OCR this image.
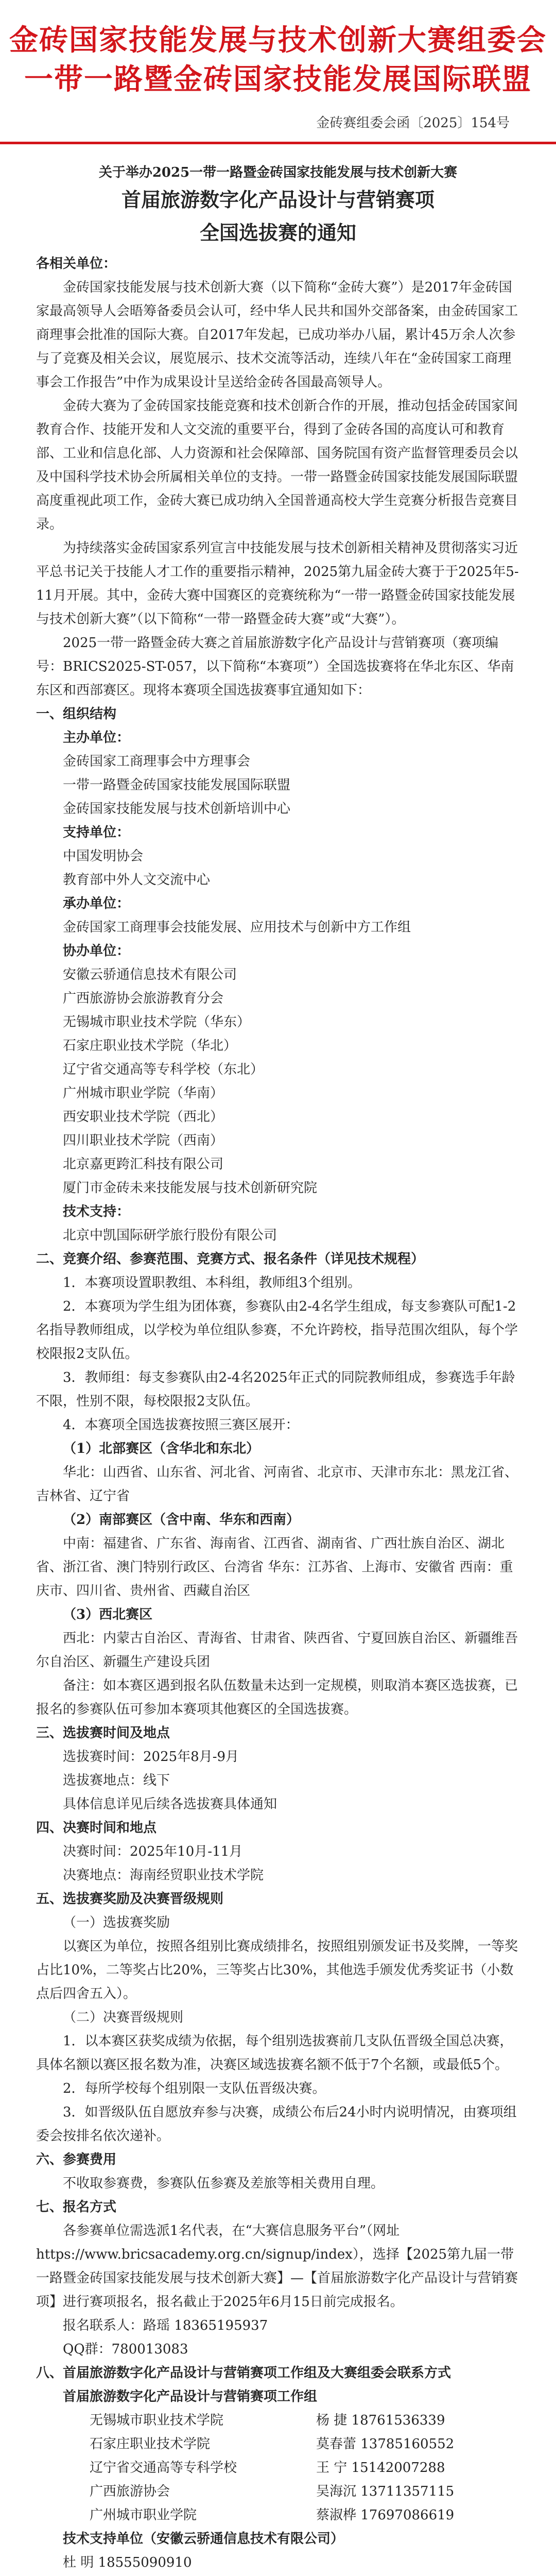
金砖国家技能发展与技术创新大赛组委会
一带一路暨金砖国家技能发展国际联盟
金砖赛组委会函〔2025〕154号
关于举办2025一带一路暨金砖国家技能发展与技术创新大赛
首届旅游数字化产品设计与营销赛项
全国选拔赛的通知

各相关单位：

金砖国家技能发展与技术创新大赛（以下简称“金砖大赛”）是2017年金砖国家最高领导人会晤筹备委员会认可，经中华人民共和国外交部备案，由金砖国家工商理事会批准的国际大赛。自2017年发起，已成功举办八届，累计45万余人次参与了竞赛及相关会议，展览展示、技术交流等活动，连续八年在“金砖国家工商理事会工作报告”中作为成果设计呈送给金砖各国最高领导人。

金砖大赛为了金砖国家技能竞赛和技术创新合作的开展，推动包括金砖国家间教育合作、技能开发和人文交流的重要平台，得到了金砖各国的高度认可和教育部、工业和信息化部、人力资源和社会保障部、国务院国有资产监督管理委员会以及中国科学技术协会所属相关单位的支持。一带一路暨金砖国家技能发展国际联盟高度重视此项工作，金砖大赛已成功纳入全国普通高校大学生竞赛分析报告竞赛目录。

为持续落实金砖国家系列宣言中技能发展与技术创新相关精神及贯彻落实习近平总书记关于技能人才工作的重要指示精神，2025第九届金砖大赛于于2025年5-11月开展。其中，金砖大赛中国赛区的竞赛统称为“一带一路暨金砖国家技能发展与技术创新大赛”（以下简称“一带一路暨金砖大赛”或“大赛”）。

2025一带一路暨金砖大赛之首届旅游数字化产品设计与营销赛项（赛项编号：BRICS2025-ST-057，以下简称“本赛项”）全国选拔赛将在华北东区、华南东区和西部赛区。现将本赛项全国选拔赛事宜通知如下：

一、组织结构

主办单位：

金砖国家工商理事会中方理事会

一带一路暨金砖国家技能发展国际联盟

金砖国家技能发展与技术创新培训中心

支持单位：

中国发明协会

教育部中外人文交流中心

承办单位：

金砖国家工商理事会技能发展、应用技术与创新中方工作组

协办单位：

安徽云骄通信息技术有限公司

广西旅游协会旅游教育分会

无锡城市职业技术学院（华东）

石家庄职业技术学院（华北）

辽宁省交通高等专科学校（东北）

广州城市职业学院（华南）

西安职业技术学院（西北）

四川职业技术学院（西南）

北京嘉更跨汇科技有限公司

厦门市金砖未来技能发展与技术创新研究院

技术支持：

北京中凯国际研学旅行股份有限公司

二、竞赛介绍、参赛范围、竞赛方式、报名条件（详见技术规程）

1．本赛项设置职教组、本科组，教师组3个组别。

2．本赛项为学生组为团体赛，参赛队由2-4名学生组成，每支参赛队可配1-2名指导教师组成，以学校为单位组队参赛，不允许跨校，指导范围次组队，每个学校限报2支队伍。

3．教师组：每支参赛队由2-4名2025年正式的同院教师组成，参赛选手年龄不限，性别不限，每校限报2支队伍。

4．本赛项全国选拔赛按照三赛区展开：

（1）北部赛区（含华北和东北）

华北：山西省、山东省、河北省、河南省、北京市、天津市东北：黑龙江省、吉林省、辽宁省

（2）南部赛区（含中南、华东和西南）

中南：福建省、广东省、海南省、江西省、湖南省、广西壮族自治区、湖北省、浙江省、澳门特别行政区、台湾省 华东：江苏省、上海市、安徽省 西南：重庆市、四川省、贵州省、西藏自治区

（3）西北赛区

西北：内蒙古自治区、青海省、甘肃省、陕西省、宁夏回族自治区、新疆维吾尔自治区、新疆生产建设兵团

备注：如本赛区遇到报名队伍数量未达到一定规模，则取消本赛区选拔赛，已报名的参赛队伍可参加本赛项其他赛区的全国选拔赛。

三、选拔赛时间及地点

选拔赛时间：2025年8月-9月

选拔赛地点：线下

具体信息详见后续各选拔赛具体通知

四、决赛时间和地点

决赛时间：2025年10月-11月

决赛地点：海南经贸职业技术学院

五、选拔赛奖励及决赛晋级规则

（一）选拔赛奖励

以赛区为单位，按照各组别比赛成绩排名，按照组别颁发证书及奖牌，一等奖占比10%，二等奖占比20%，三等奖占比30%，其他选手颁发优秀奖证书（小数点后四舍五入）。

（二）决赛晋级规则

1．以本赛区获奖成绩为依据，每个组别选拔赛前几支队伍晋级全国总决赛，具体名额以赛区报名数为准，决赛区域选拔赛名额不低于7个名额，或最低5个。

2．每所学校每个组别限一支队伍晋级决赛。

3．如晋级队伍自愿放弃参与决赛，成绩公布后24小时内说明情况，由赛项组委会按排名依次递补。

六、参赛费用

不收取参赛费，参赛队伍参赛及差旅等相关费用自理。

七、报名方式

各参赛单位需选派1名代表，在“大赛信息服务平台”（网址 https://www.bricsacademy.org.cn/signup/index），选择【2025第九届一带一路暨金砖国家技能发展与技术创新大赛】—【首届旅游数字化产品设计与营销赛项】进行赛项报名，报名截止于2025年6月15日前完成报名。

报名联系人：路瑶 18365195937

QQ群：780013083

八、首届旅游数字化产品设计与营销赛项工作组及大赛组委会联系方式

首届旅游数字化产品设计与营销赛项工作组

无锡城市职业技术学院	杨 捷 18761536339
石家庄职业技术学院	莫春蕾 13785160552
辽宁省交通高等专科学校	王 宁 15142007288
广西旅游协会	吴海沉 13711357115
广州城市职业学院	蔡淑桦 17697086619

技术支持单位（安徽云骄通信息技术有限公司）

杜 明 18555090910
